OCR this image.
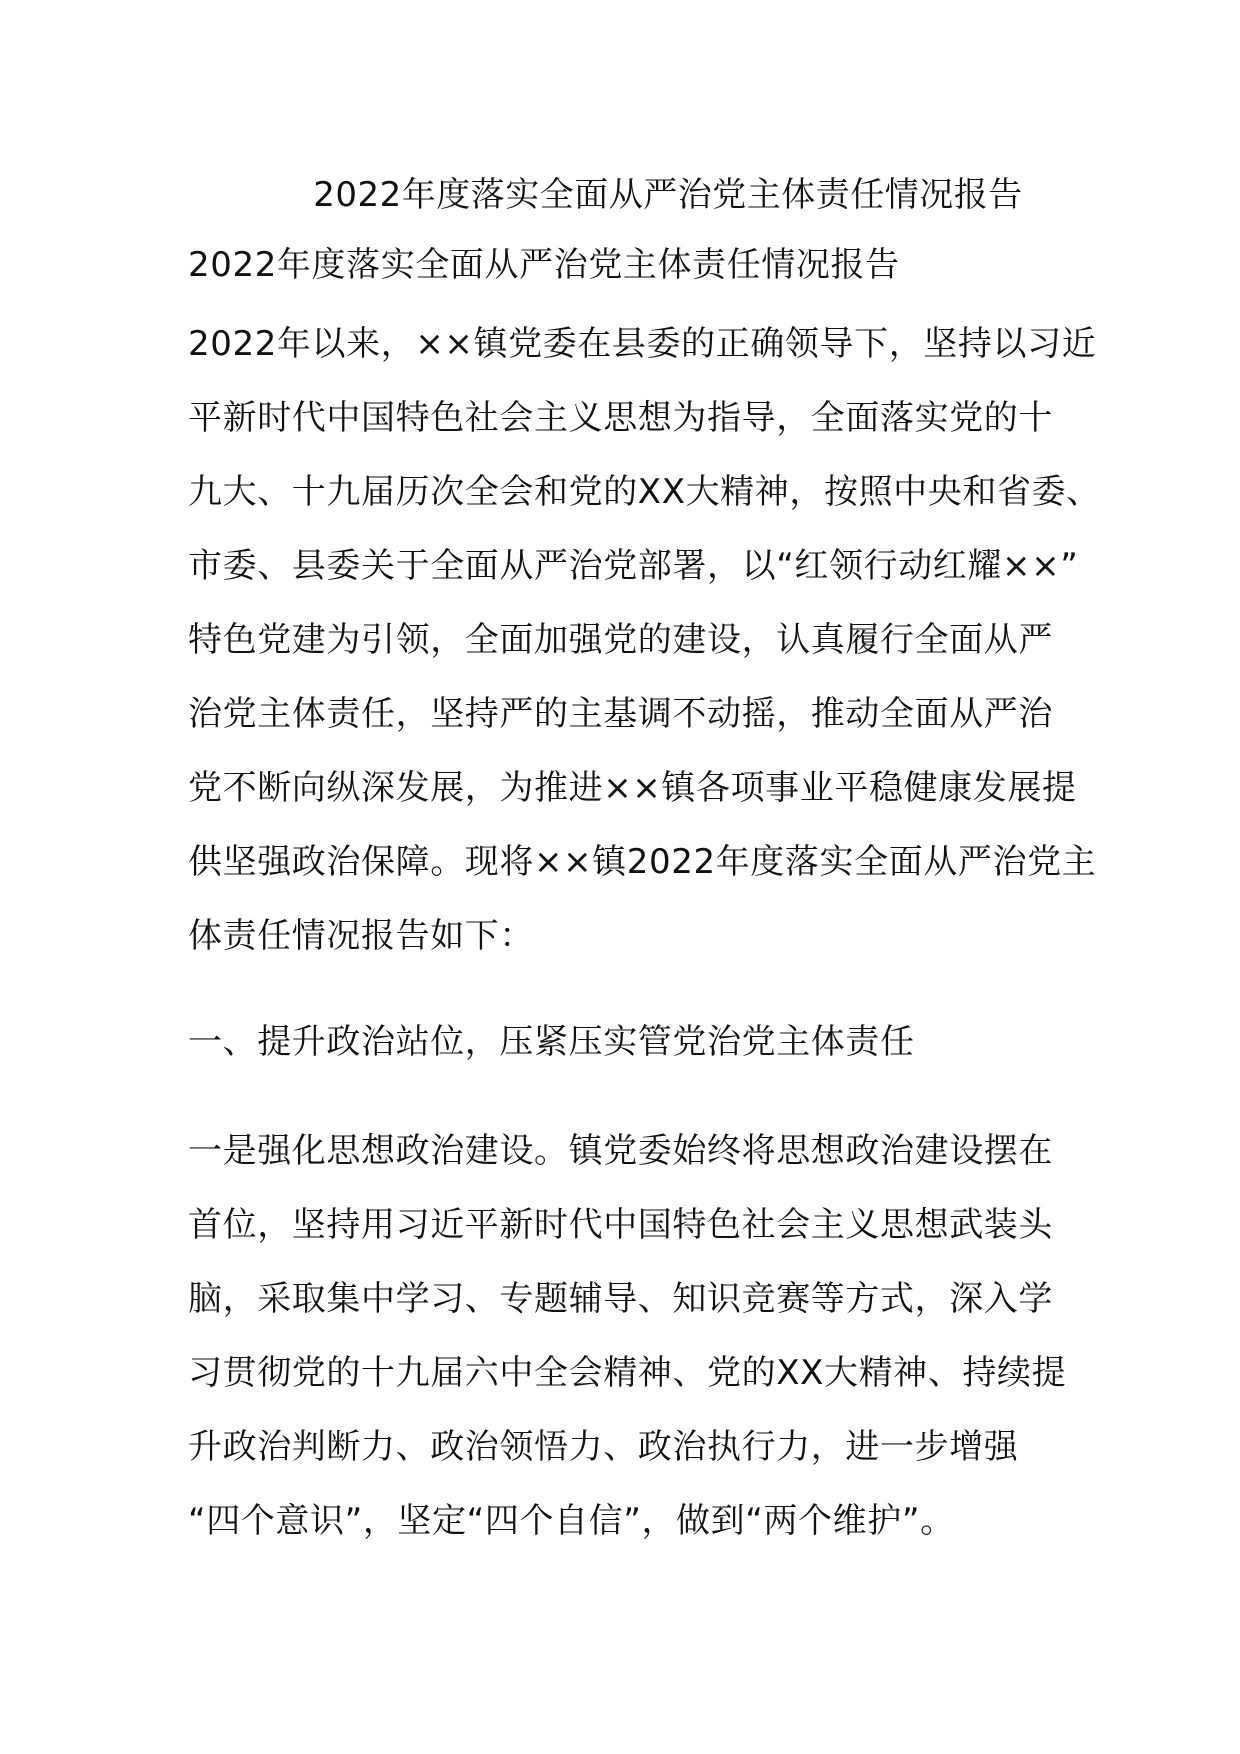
2022年度落实全面从严治党主体责任情况报告
2022年度落实全面从严治党主体责任情况报告
2022年以来，××镇党委在县委的正确领导下，坚持以习近
平新时代中国特色社会主义思想为指导，全面落实党的十
九大、十九届历次全会和党的XX大精神，按照中央和省委、
市委、县委关于全面从严治党部署，以“红领行动红耀××”
特色党建为引领，全面加强党的建设，认真履行全面从严
治党主体责任，坚持严的主基调不动摇，推动全面从严治
党不断向纵深发展，为推进××镇各项事业平稳健康发展提
供坚强政治保障。现将××镇2022年度落实全面从严治党主
体责任情况报告如下：
一、提升政治站位，压紧压实管党治党主体责任
一是强化思想政治建设。镇党委始终将思想政治建设摆在
首位，坚持用习近平新时代中国特色社会主义思想武装头
脑，采取集中学习、专题辅导、知识竞赛等方式，深入学
习贯彻党的十九届六中全会精神、党的XX大精神、持续提
升政治判断力、政治领悟力、政治执行力，进一步增强
“四个意识”，坚定“四个自信”，做到“两个维护”。
